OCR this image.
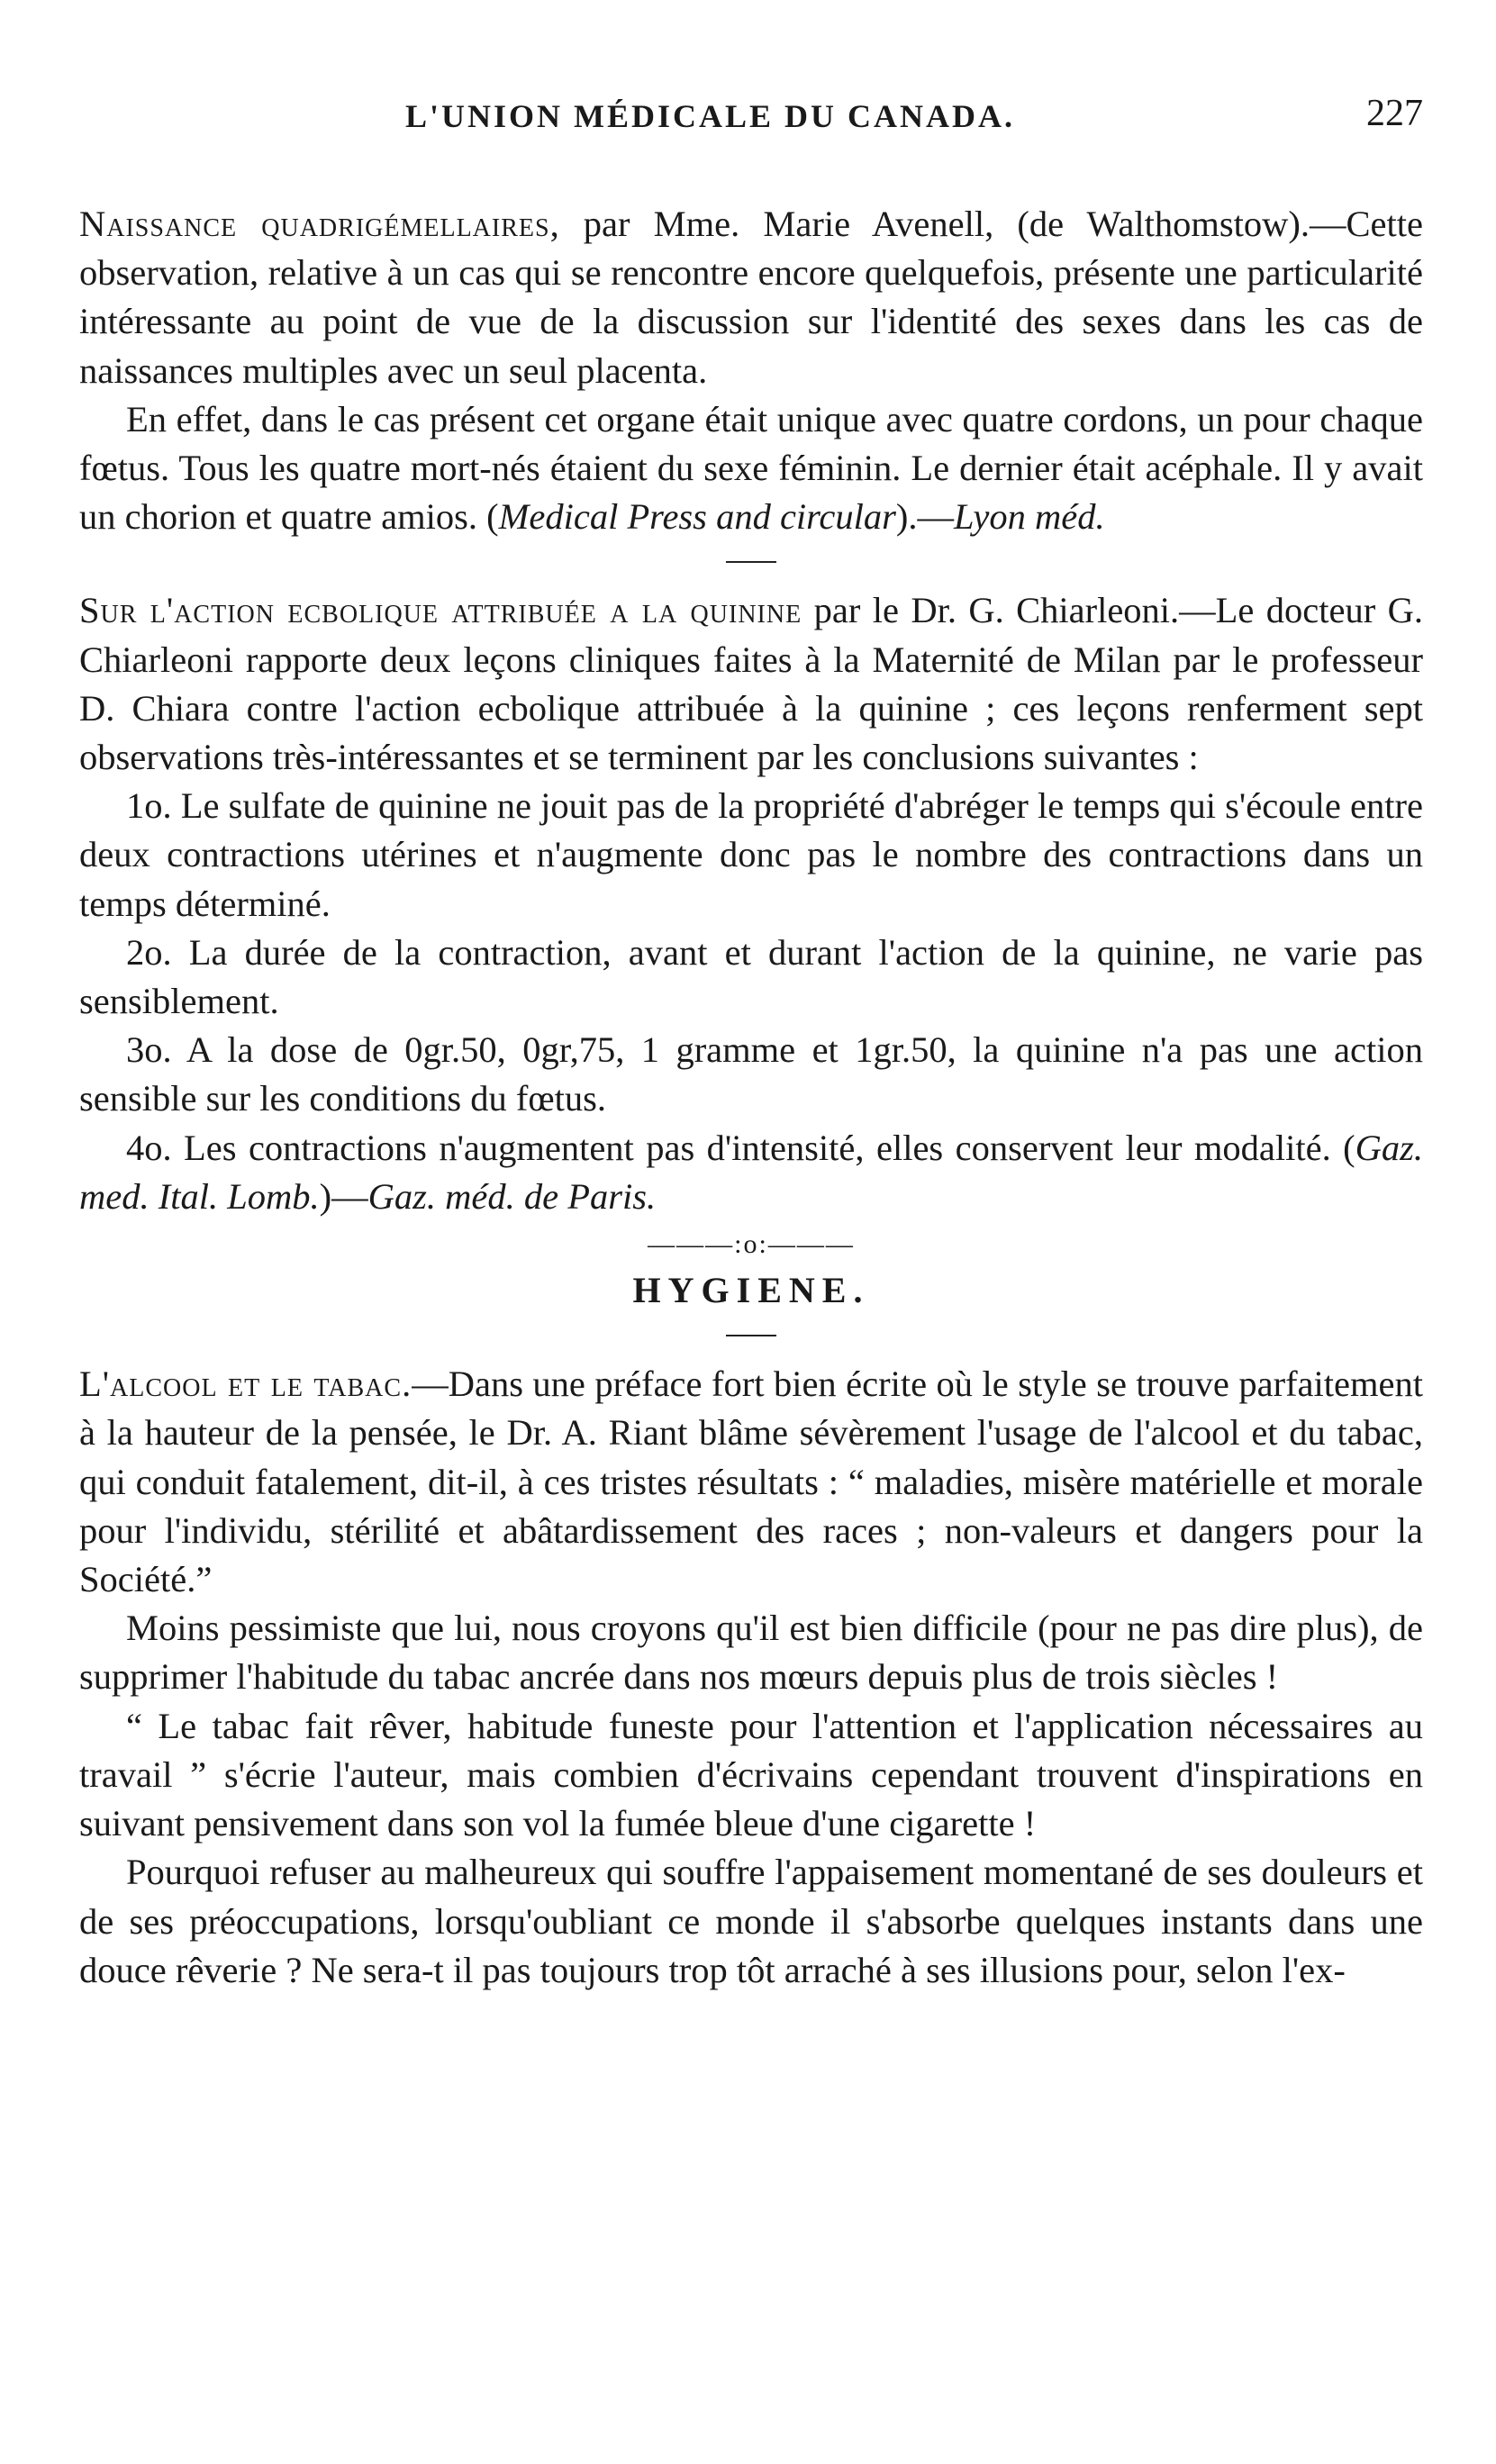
L'UNION MÉDICALE DU CANADA.	227

Naissance quadrigémellaires, par Mme. Marie Avenell, (de Walthomstow).—Cette observation, relative à un cas qui se rencontre encore quelquefois, présente une particularité intéressante au point de vue de la discussion sur l'identité des sexes dans les cas de naissances multiples avec un seul placenta.

En effet, dans le cas présent cet organe était unique avec quatre cordons, un pour chaque fœtus. Tous les quatre mort-nés étaient du sexe féminin. Le dernier était acéphale. Il y avait un chorion et quatre amios. (Medical Press and circular).—Lyon méd.

Sur l'action ecbolique attribuée a la quinine par le Dr. G. Chiarleoni.—Le docteur G. Chiarleoni rapporte deux leçons cliniques faites à la Maternité de Milan par le professeur D. Chiara contre l'action ecbolique attribuée à la quinine ; ces leçons renferment sept observations très-intéressantes et se terminent par les conclusions suivantes :

1o. Le sulfate de quinine ne jouit pas de la propriété d'abréger le temps qui s'écoule entre deux contractions utérines et n'augmente donc pas le nombre des contractions dans un temps déterminé.

2o. La durée de la contraction, avant et durant l'action de la quinine, ne varie pas sensiblement.

3o. A la dose de 0gr.50, 0gr,75, 1 gramme et 1gr.50, la quinine n'a pas une action sensible sur les conditions du fœtus.

4o. Les contractions n'augmentent pas d'intensité, elles conservent leur modalité. (Gaz. med. Ital. Lomb.)—Gaz. méd. de Paris.

———:o:———
HYGIENE.

L'alcool et le tabac.—Dans une préface fort bien écrite où le style se trouve parfaitement à la hauteur de la pensée, le Dr. A. Riant blâme sévèrement l'usage de l'alcool et du tabac, qui conduit fatalement, dit-il, à ces tristes résultats : “ maladies, misère matérielle et morale pour l'individu, stérilité et abâtardissement des races ; non-valeurs et dangers pour la Société.”

Moins pessimiste que lui, nous croyons qu'il est bien difficile (pour ne pas dire plus), de supprimer l'habitude du tabac ancrée dans nos mœurs depuis plus de trois siècles !

“ Le tabac fait rêver, habitude funeste pour l'attention et l'application nécessaires au travail ” s'écrie l'auteur, mais combien d'écrivains cependant trouvent d'inspirations en suivant pensivement dans son vol la fumée bleue d'une cigarette !

Pourquoi refuser au malheureux qui souffre l'appaisement momentané de ses douleurs et de ses préoccupations, lorsqu'oubliant ce monde il s'absorbe quelques instants dans une douce rêverie ? Ne sera-t il pas toujours trop tôt arraché à ses illusions pour, selon l'ex-
